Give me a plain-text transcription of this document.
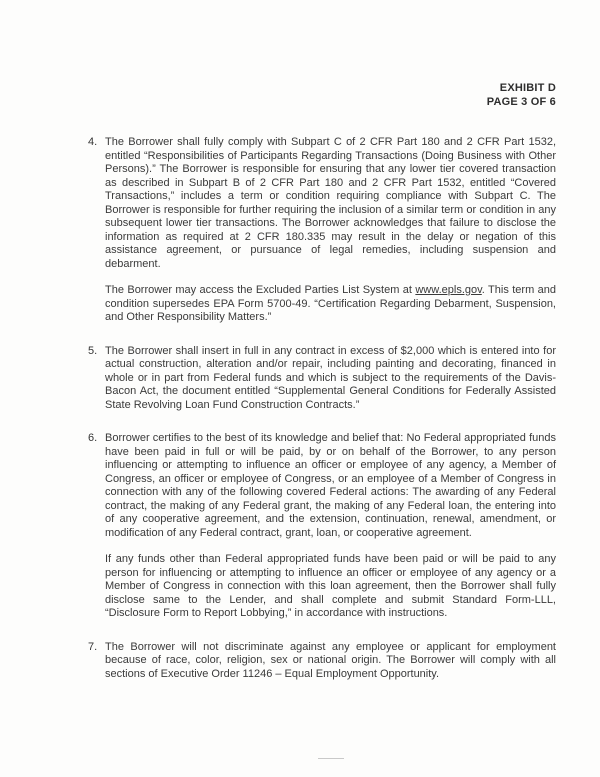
EXHIBIT D
PAGE 3 OF 6
4. The Borrower shall fully comply with Subpart C of 2 CFR Part 180 and 2 CFR Part 1532, entitled “Responsibilities of Participants Regarding Transactions (Doing Business with Other Persons).” The Borrower is responsible for ensuring that any lower tier covered transaction as described in Subpart B of 2 CFR Part 180 and 2 CFR Part 1532, entitled “Covered Transactions,” includes a term or condition requiring compliance with Subpart C. The Borrower is responsible for further requiring the inclusion of a similar term or condition in any subsequent lower tier transactions. The Borrower acknowledges that failure to disclose the information as required at 2 CFR 180.335 may result in the delay or negation of this assistance agreement, or pursuance of legal remedies, including suspension and debarment.

The Borrower may access the Excluded Parties List System at www.epls.gov. This term and condition supersedes EPA Form 5700-49. “Certification Regarding Debarment, Suspension, and Other Responsibility Matters.”

5. The Borrower shall insert in full in any contract in excess of $2,000 which is entered into for actual construction, alteration and/or repair, including painting and decorating, financed in whole or in part from Federal funds and which is subject to the requirements of the Davis-Bacon Act, the document entitled “Supplemental General Conditions for Federally Assisted State Revolving Loan Fund Construction Contracts.”

6. Borrower certifies to the best of its knowledge and belief that: No Federal appropriated funds have been paid in full or will be paid, by or on behalf of the Borrower, to any person influencing or attempting to influence an officer or employee of any agency, a Member of Congress, an officer or employee of Congress, or an employee of a Member of Congress in connection with any of the following covered Federal actions: The awarding of any Federal contract, the making of any Federal grant, the making of any Federal loan, the entering into of any cooperative agreement, and the extension, continuation, renewal, amendment, or modification of any Federal contract, grant, loan, or cooperative agreement.

If any funds other than Federal appropriated funds have been paid or will be paid to any person for influencing or attempting to influence an officer or employee of any agency or a Member of Congress in connection with this loan agreement, then the Borrower shall fully disclose same to the Lender, and shall complete and submit Standard Form-LLL, “Disclosure Form to Report Lobbying,” in accordance with instructions.

7. The Borrower will not discriminate against any employee or applicant for employment because of race, color, religion, sex or national origin. The Borrower will comply with all sections of Executive Order 11246 – Equal Employment Opportunity.
